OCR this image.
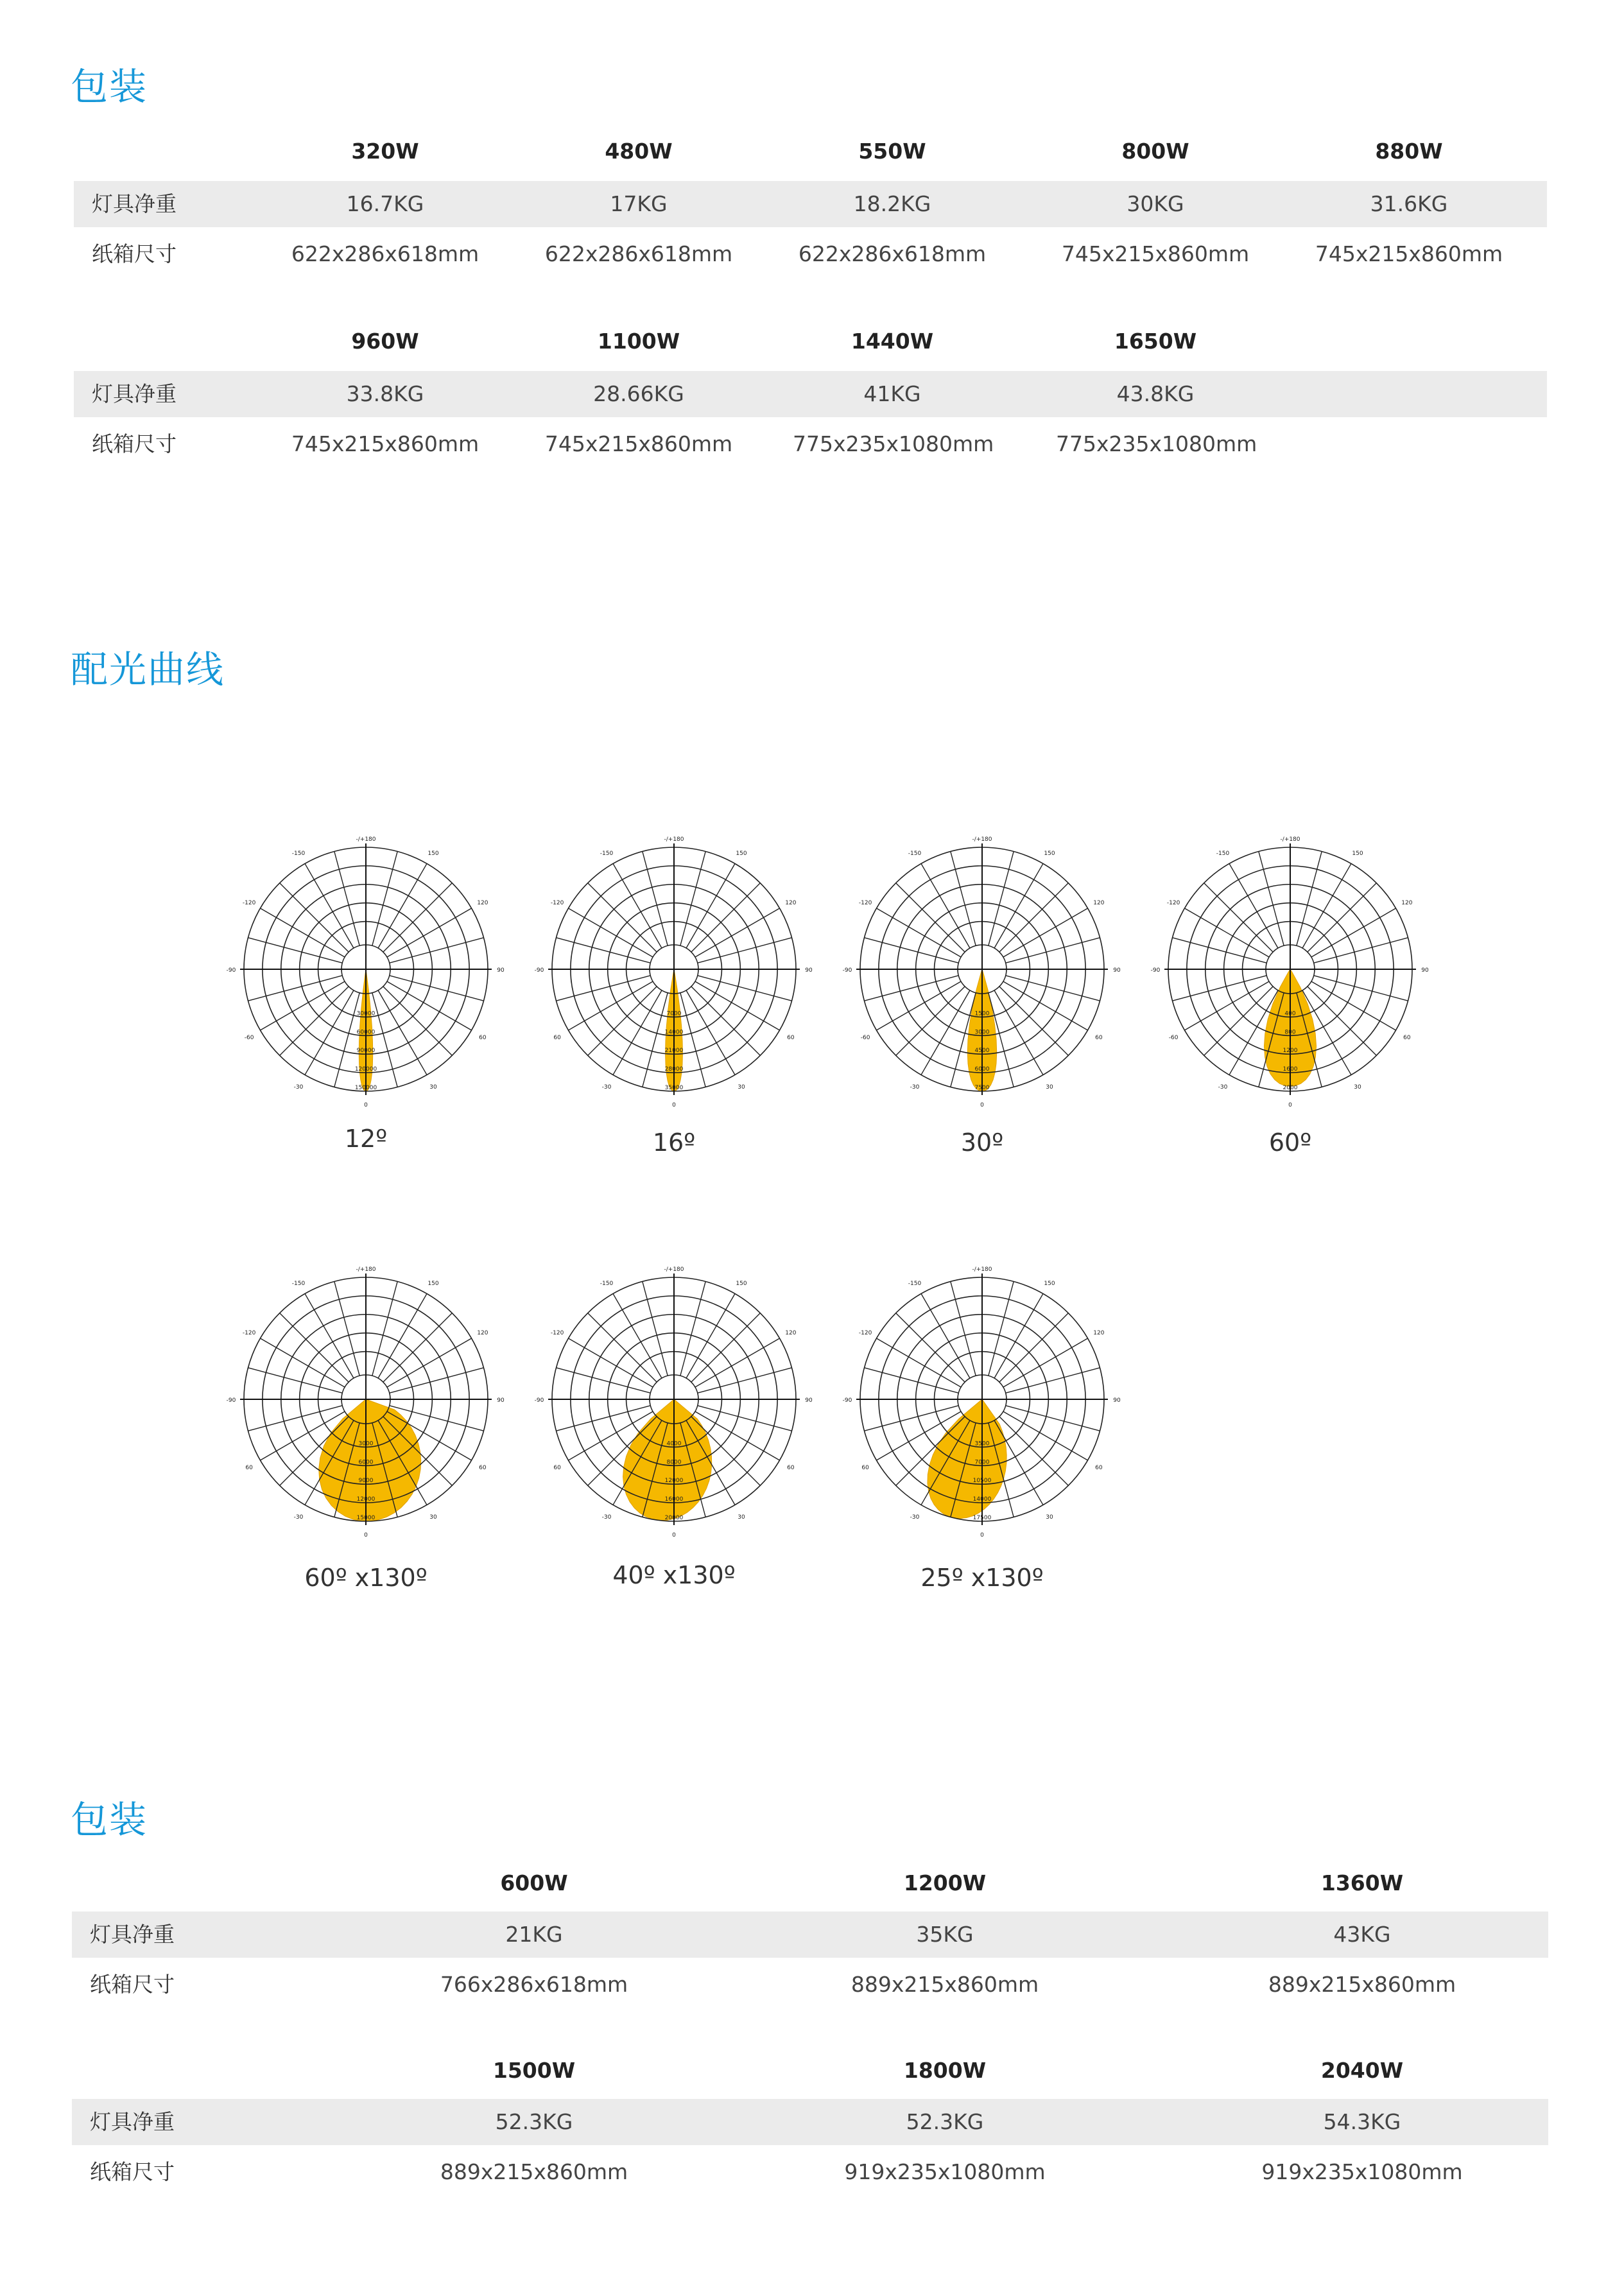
包装
320W	480W	550W	800W	880W
灯具净重	16.7KG	17KG	18.2KG	30KG	31.6KG
纸箱尺寸	622x286x618mm	622x286x618mm	622x286x618mm	745x215x860mm	745x215x860mm
960W	1100W	1440W	1650W
灯具净重	33.8KG	28.66KG	41KG	43.8KG
纸箱尺寸	745x215x860mm	745x215x860mm	775x235x1080mm	775x235x1080mm
配光曲线
-150	150
-120	120
-90	90
-60	60
-30	30
0
-/+180
30000
60000
90000
120000
150000
12º
-150	150
-120	120
-90	90
60	60
-30	30
0
-/+180
7000
14000
21000
28000
35000
16º
-150	150
-120	120
-90	90
-60	60
-30	30
0
-/+180
1500
3000
4500
6000
7500
30º
-150	150
-120	120
-90	90
-60	60
-30	30
0
-/+180
400
800
1200
1600
2000
60º
-150	150
-120	120
-90	90
60	60
-30	30
0
-/+180
3000
6000
9000
12000
15000
60º x130º
-150	150
-120	120
-90	90
60	60
-30	30
0
-/+180
4000
8000
12000
16000
20000
40º x130º
-150	150
-120	120
-90	90
60	60
-30	30
0
-/+180
3500
7000
10500
14000
17500
25º x130º
包装
600W	1200W	1360W
灯具净重	21KG	35KG	43KG
纸箱尺寸	766x286x618mm	889x215x860mm	889x215x860mm
1500W	1800W	2040W
灯具净重	52.3KG	52.3KG	54.3KG
纸箱尺寸	889x215x860mm	919x235x1080mm	919x235x1080mm
